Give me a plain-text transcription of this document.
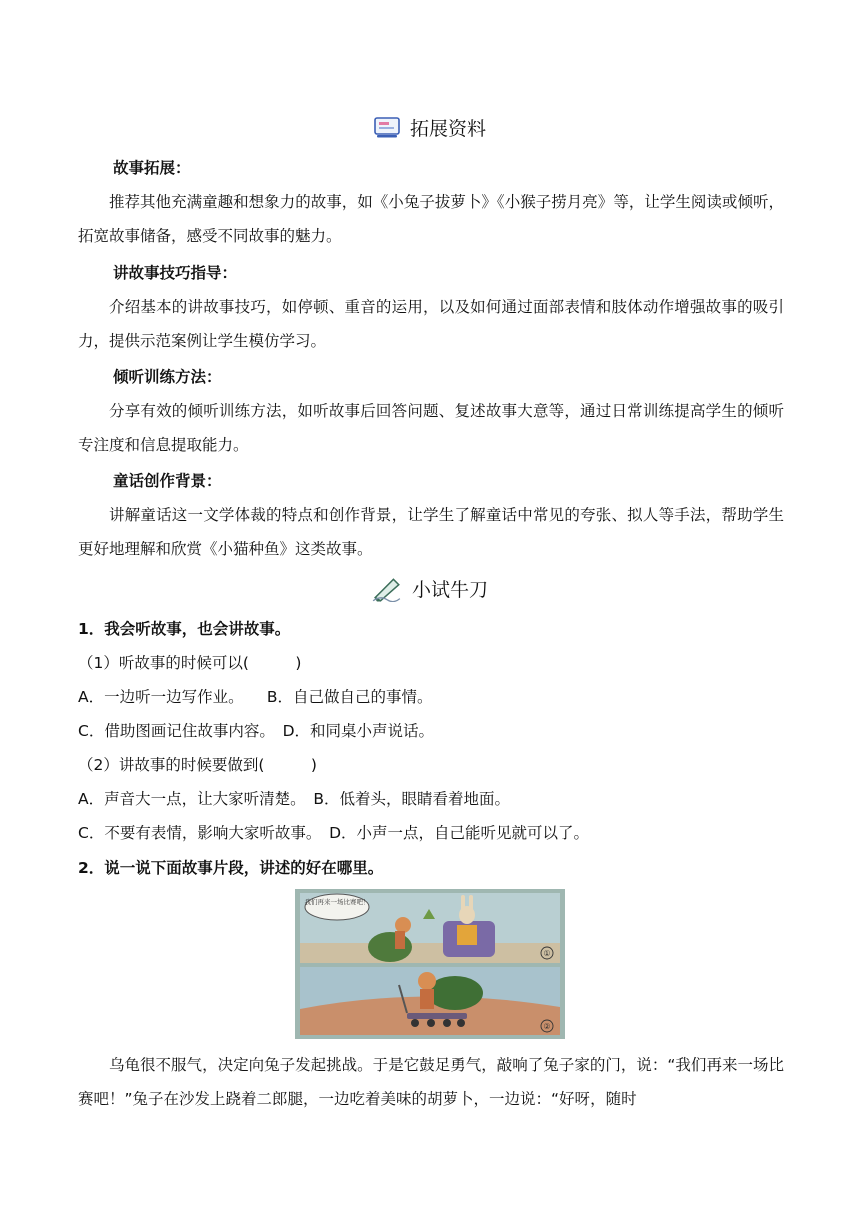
拓展资料
故事拓展：
推荐其他充满童趣和想象力的故事，如《小兔子拔萝卜》《小猴子捞月亮》等，让学生阅读或倾听，拓宽故事储备，感受不同故事的魅力。
讲故事技巧指导：
介绍基本的讲故事技巧，如停顿、重音的运用，以及如何通过面部表情和肢体动作增强故事的吸引力，提供示范案例让学生模仿学习。
倾听训练方法：
分享有效的倾听训练方法，如听故事后回答问题、复述故事大意等，通过日常训练提高学生的倾听专注度和信息提取能力。
童话创作背景：
讲解童话这一文学体裁的特点和创作背景，让学生了解童话中常见的夸张、拟人等手法，帮助学生更好地理解和欣赏《小猫种鱼》这类故事。
小试牛刀
1．我会听故事，也会讲故事。
（1）听故事的时候可以(　　　)
A．一边听一边写作业。　　B．自己做自己的事情。
C．借助图画记住故事内容。　D．和同桌小声说话。
（2）讲故事的时候要做到(　　　)
A．声音大一点，让大家听清楚。　B．低着头，眼睛看着地面。
C．不要有表情，影响大家听故事。　D．小声一点，自己能听见就可以了。
2．说一说下面故事片段，讲述的好在哪里。
我们再来一场比赛吧！
①
②
乌龟很不服气，决定向兔子发起挑战。于是它鼓足勇气，敲响了兔子家的门，说：“我们再来一场比赛吧！”兔子在沙发上跷着二郎腿，一边吃着美味的胡萝卜，一边说：“好呀，随时
